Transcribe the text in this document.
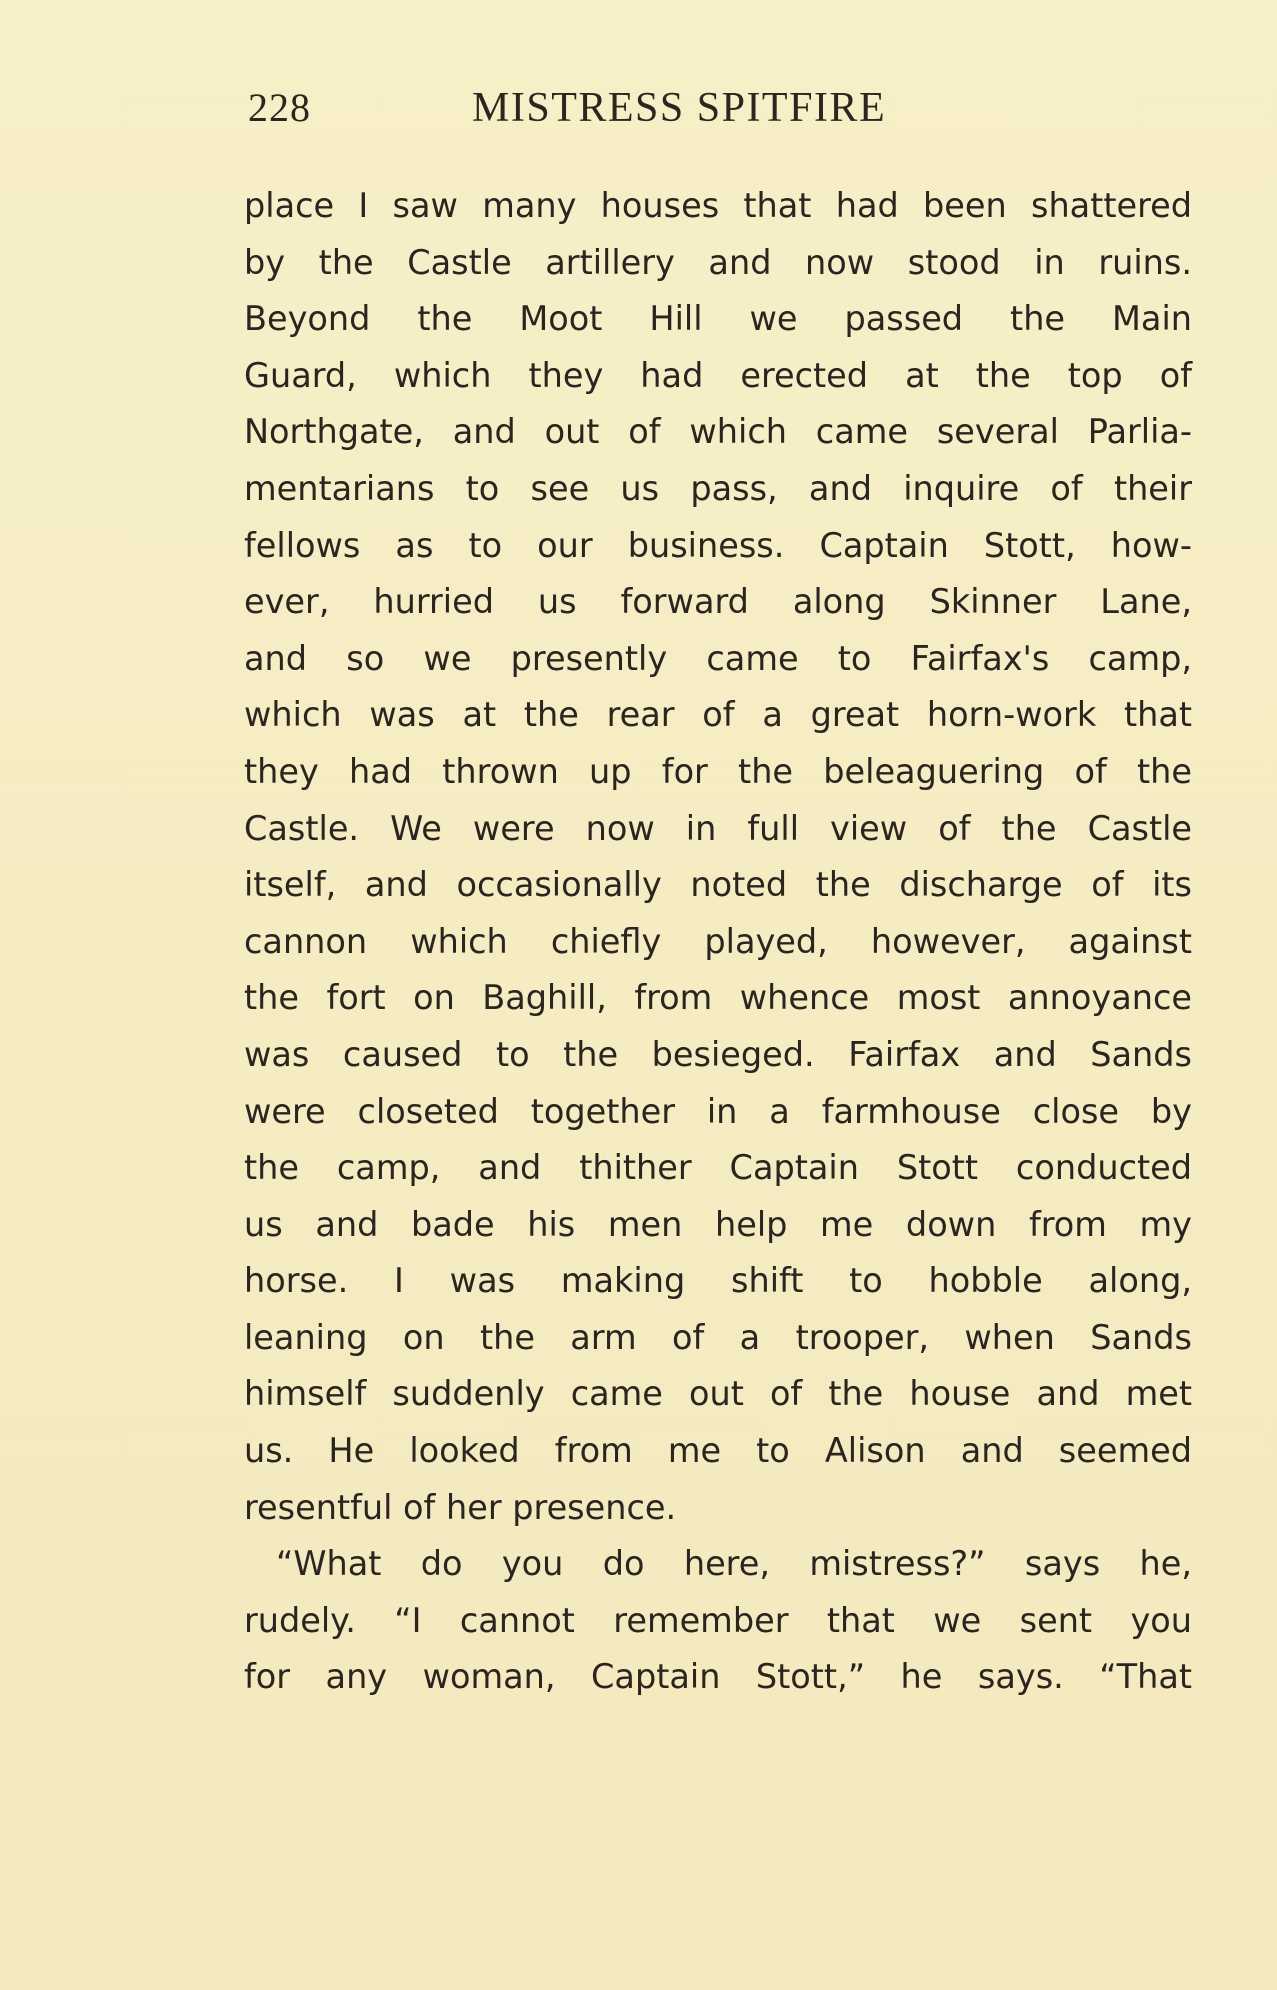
228	MISTRESS SPITFIRE
place I saw many houses that had been shattered
by the Castle artillery and now stood in ruins.
Beyond the Moot Hill we passed the Main
Guard, which they had erected at the top of
Northgate, and out of which came several Parlia-
mentarians to see us pass, and inquire of their
fellows as to our business. Captain Stott, how-
ever, hurried us forward along Skinner Lane,
and so we presently came to Fairfax's camp,
which was at the rear of a great horn-work that
they had thrown up for the beleaguering of the
Castle. We were now in full view of the Castle
itself, and occasionally noted the discharge of its
cannon which chiefly played, however, against
the fort on Baghill, from whence most annoyance
was caused to the besieged. Fairfax and Sands
were closeted together in a farmhouse close by
the camp, and thither Captain Stott conducted
us and bade his men help me down from my
horse. I was making shift to hobble along,
leaning on the arm of a trooper, when Sands
himself suddenly came out of the house and met
us. He looked from me to Alison and seemed
resentful of her presence.
“What do you do here, mistress?” says he,
rudely. “I cannot remember that we sent you
for any woman, Captain Stott,” he says. “That
